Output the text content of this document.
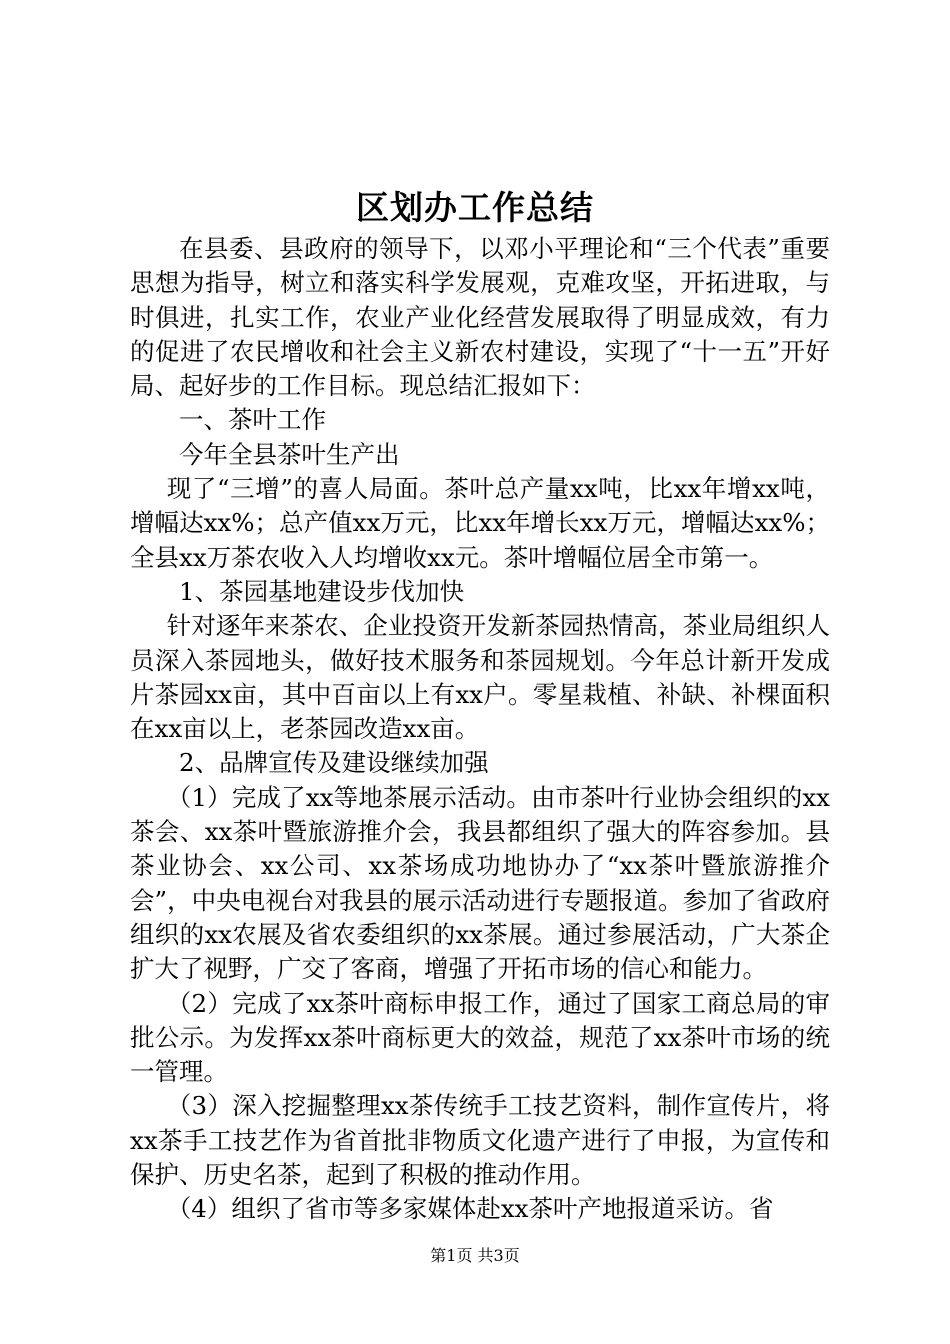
区划办工作总结

在县委、县政府的领导下，以邓小平理论和“三个代表”重要思想为指导，树立和落实科学发展观，克难攻坚，开拓进取，与时俱进，扎实工作，农业产业化经营发展取得了明显成效，有力的促进了农民增收和社会主义新农村建设，实现了“十一五”开好局、起好步的工作目标。现总结汇报如下：

一、茶叶工作

今年全县茶叶生产出

现了“三增”的喜人局面。茶叶总产量xx吨，比xx年增xx吨，增幅达xx%；总产值xx万元，比xx年增长xx万元，增幅达xx%；全县xx万茶农收入人均增收xx元。茶叶增幅位居全市第一。

1、茶园基地建设步伐加快

针对逐年来茶农、企业投资开发新茶园热情高，茶业局组织人员深入茶园地头，做好技术服务和茶园规划。今年总计新开发成片茶园xx亩，其中百亩以上有xx户。零星栽植、补缺、补棵面积在xx亩以上，老茶园改造xx亩。

2、品牌宣传及建设继续加强

（1）完成了xx等地茶展示活动。由市茶叶行业协会组织的xx茶会、xx茶叶暨旅游推介会，我县都组织了强大的阵容参加。县茶业协会、xx公司、xx茶场成功地协办了“xx茶叶暨旅游推介会”，中央电视台对我县的展示活动进行专题报道。参加了省政府组织的xx农展及省农委组织的xx茶展。通过参展活动，广大茶企扩大了视野，广交了客商，增强了开拓市场的信心和能力。

（2）完成了xx茶叶商标申报工作，通过了国家工商总局的审批公示。为发挥xx茶叶商标更大的效益，规范了xx茶叶市场的统一管理。

（3）深入挖掘整理xx茶传统手工技艺资料，制作宣传片，将xx茶手工技艺作为省首批非物质文化遗产进行了申报，为宣传和保护、历史名茶，起到了积极的推动作用。

（4）组织了省市等多家媒体赴xx茶叶产地报道采访。省

第1页 共3页
